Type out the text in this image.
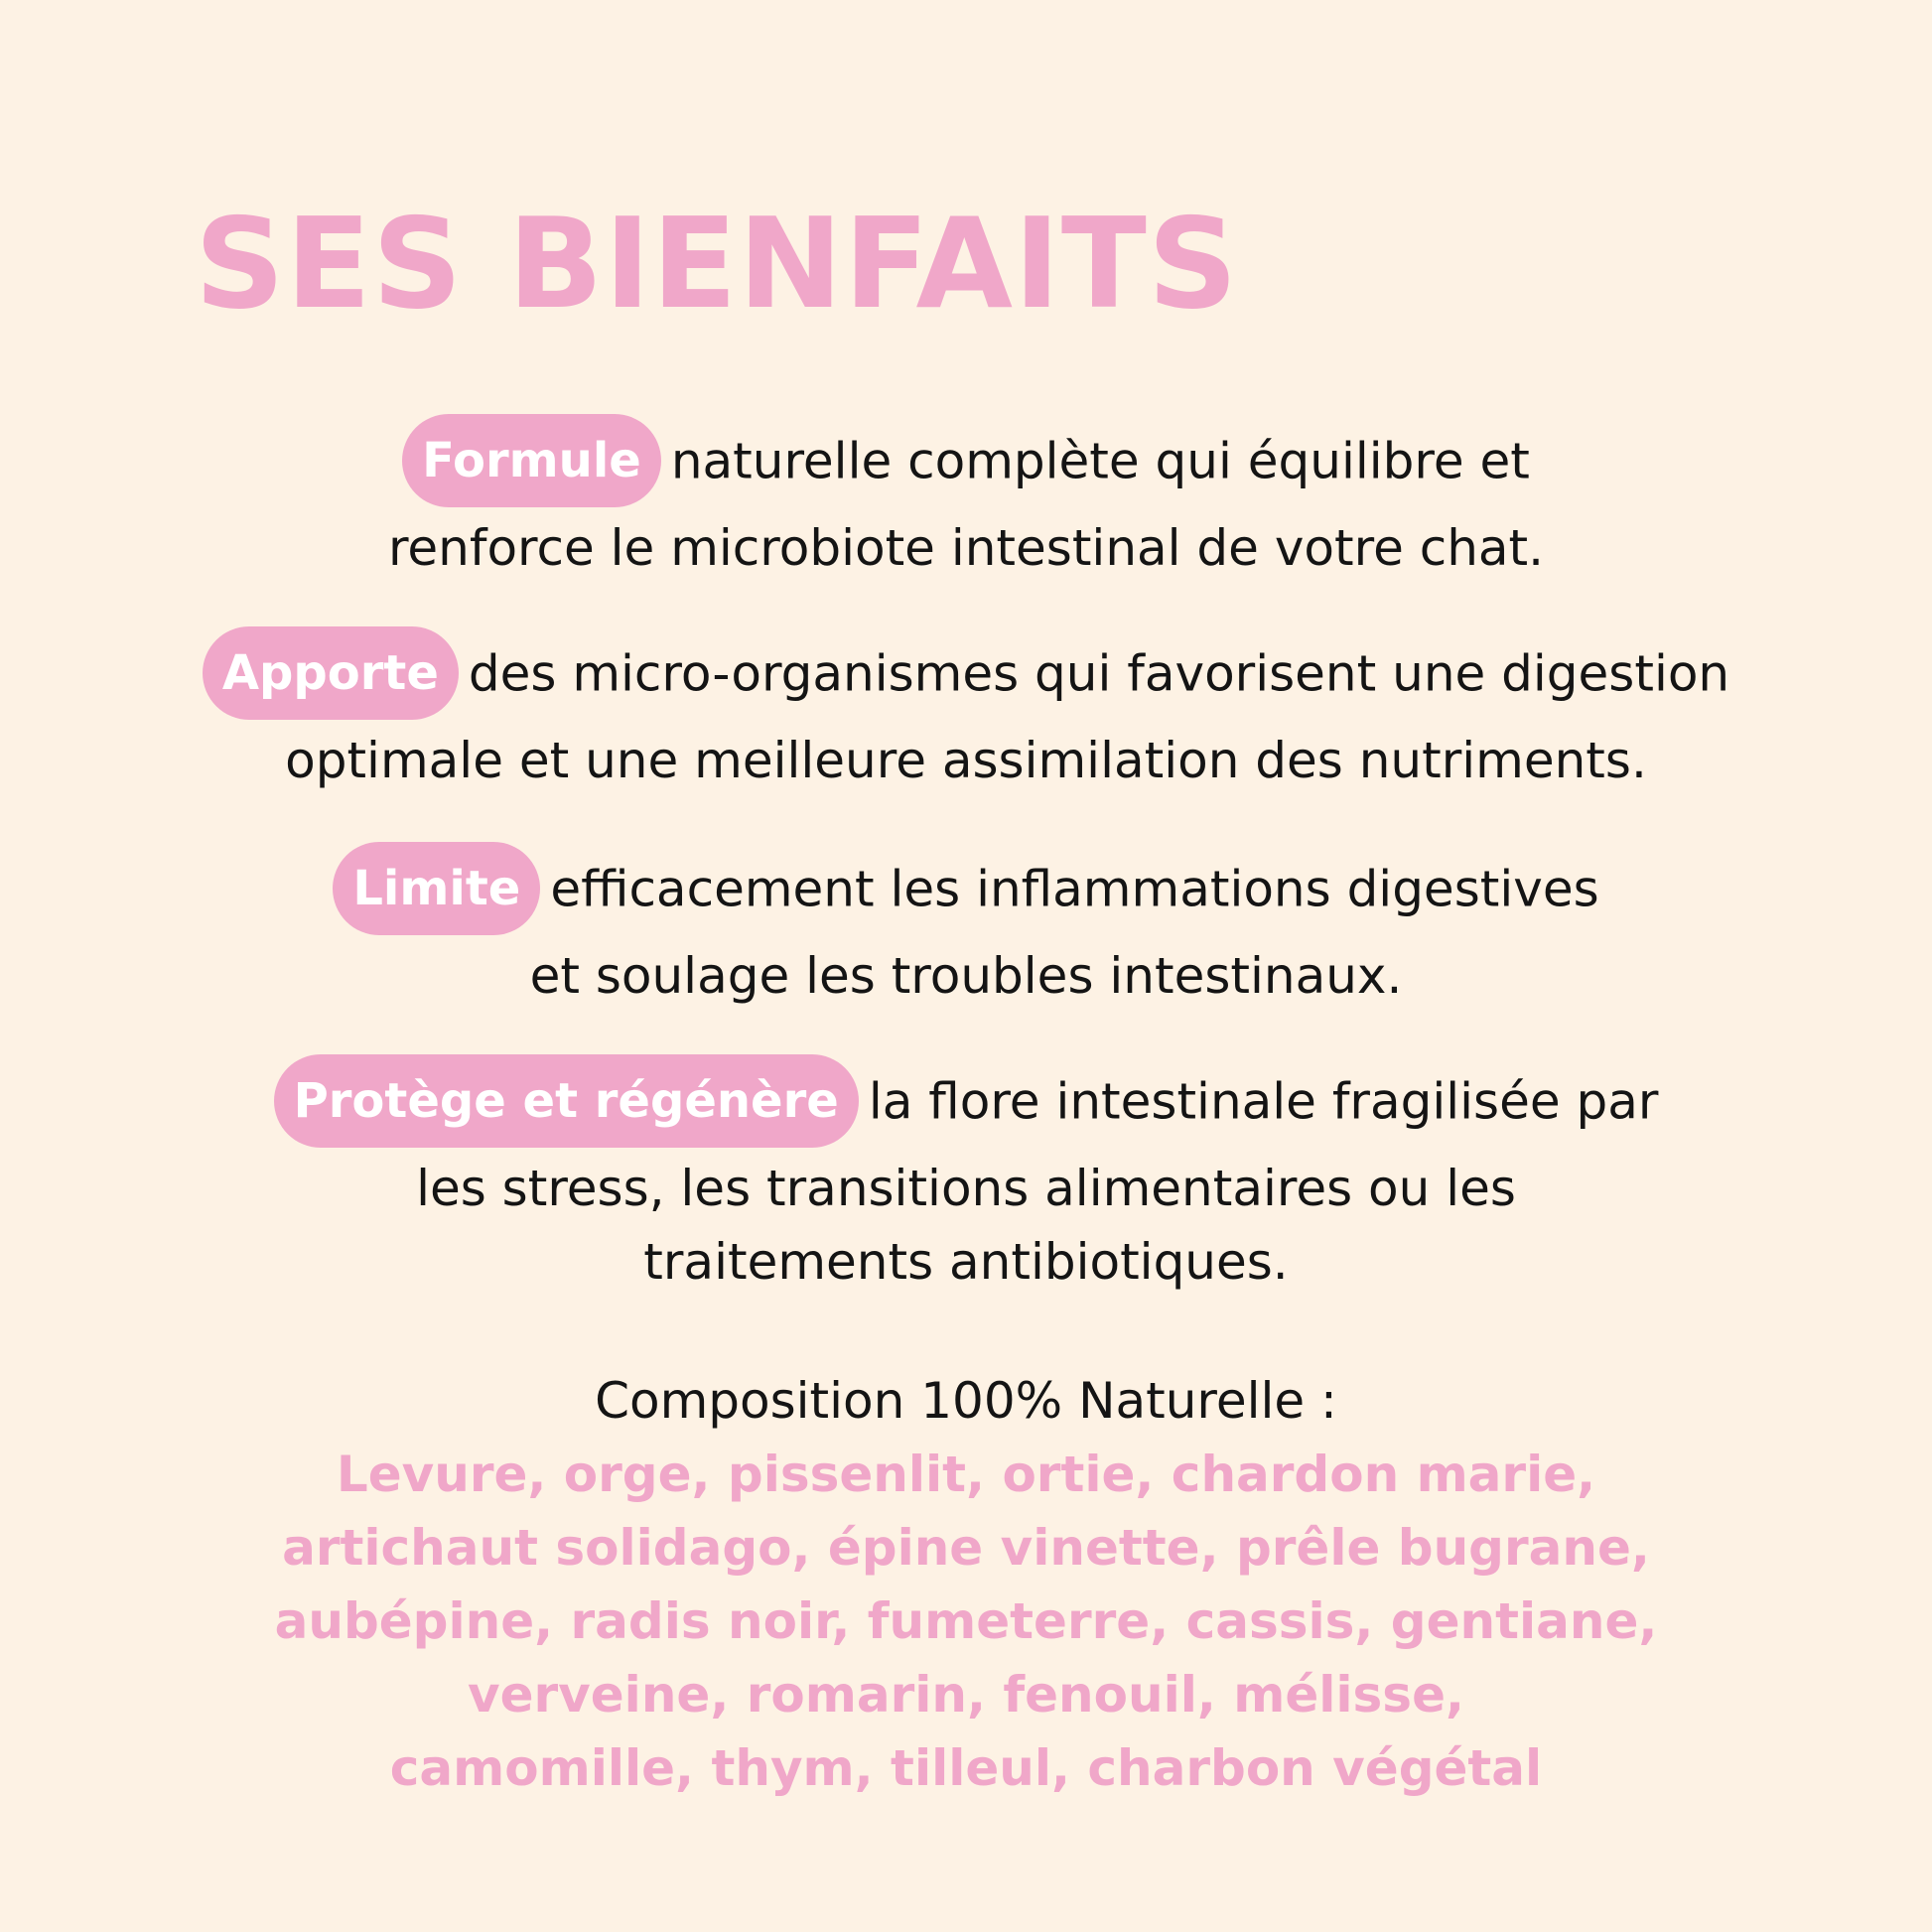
SES BIENFAITS

Formule naturelle complète qui équilibre et
renforce le microbiote intestinal de votre chat.

Apporte des micro-organismes qui favorisent une digestion
optimale et une meilleure assimilation des nutriments.

Limite efficacement les inflammations digestives
et soulage les troubles intestinaux.

Protège et régénère la flore intestinale fragilisée par
les stress, les transitions alimentaires ou les
traitements antibiotiques.

Composition 100% Naturelle :

Levure, orge, pissenlit, ortie, chardon marie,
artichaut solidago, épine vinette, prêle bugrane,
aubépine, radis noir, fumeterre, cassis, gentiane,
verveine, romarin, fenouil, mélisse,
camomille, thym, tilleul, charbon végétal
